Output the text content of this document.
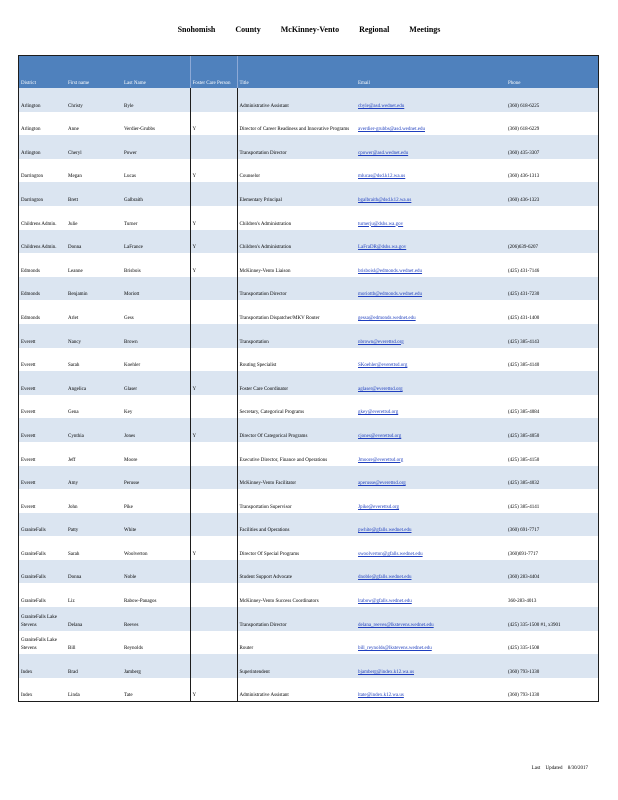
Snohomish County McKinney-Vento Regional Meetings
District	First name	Last Name	Foster Care Person	Title	Email	Phone
Arlington	Christy	Byle		Administrative Assistant	cbyle@asd.wednet.edu	(360) 618-6225
Arlington	Anne	Verdier-Grubbs	Y	Director of Career Readiness and Innovative Programs	averdier-grubbs@asd.wednet.edu	(360) 618-6229
Arlington	Cheryl	Power		Transportation Director	cpower@asd.wednet.edu	(360) 435-3307
Darrington	Megan	Lucas	Y	Counselor	mlucas@dsd.k12.wa.us	(360) 436-1313
Darrington	Brett	Galbraith		Elementary Principal	bgalbraith@dsd.k12.wa.us	(360) 436-1323
Childrens Admin.	Julie	Turner	Y	Children's Administration	turnerju@dshs.wa.gov	
Childrens Admin.	Donna	LaFrance	Y	Children's Administration	LaFraDR@dshs.wa.gov	(206)639-6207
Edmonds	Leanne	Brisbois	Y	McKinney-Vento Liaison	brisboisl@edmonds.wednet.edu	(425) 431-7146
Edmonds	Benjamin	Moriott		Transportation Director	moriottb@edmonds.wednet.edu	(425) 431-7230
Edmonds	Arlet	Gess		Transportation Dispatcher/MKV Router	gessa@edmonds.wednet.edu	(425) 431-1400
Everett	Nancy	Brown		Transportation	nbrown@everettsd.org	(425) 385-4143
Everett	Sarah	Koehler		Routing Specialist	SKoehler@everettsd.org	(425) 385-4140
Everett	Angelica	Glaser	Y	Foster Care Coordinator	aglaser@everettsd.org	
Everett	Gena	Key		Secretary, Categorical Programs	gkey@everettsd.org	(425) 385-4084
Everett	Cynthia	Jones	Y	Director Of Categorical Programs	cjones@everettsd.org	(425) 385-4050
Everett	Jeff	Moore		Executive Director, Finance and Operations	Jmoore@everettsd.org	(425) 385-4150
Everett	Amy	Perusse		McKinney-Vento Facilitator	aperusse@everettsd.org	(425) 385-4032
Everett	John	Pike		Transportation Supervisor	Jpike@everettsd.org	(425) 385-4141
GraniteFalls	Patty	White		Facilities and Operations	pwhite@gfalls.wednet.edu	(360) 691-7717
GraniteFalls	Sarah	Woolverton	Y	Director Of Special Programs	swoolverton@gfalls.wednet.edu	(360)691-7717
GraniteFalls	Donna	Noble		Student Support Advocate	dnoble@gfalls.wednet.edu	(360) 283-4404
GraniteFalls	Liz	Rabow-Panagos		McKinney-Vento Success Coordinators	lrabow@gfalls.wednet.edu	360-283-4013
GraniteFalls Lake Stevens	Delana	Reeves		Transportation Director	delana_reeves@lkstevens.wednet.edu	(425) 335-1500 #1, x3901
GraniteFalls Lake Stevens	Bill	Reynolds		Router	bill_reynolds@lkstevens.wednet.edu	(425) 335-1508
Index	Brad	Jamberg		Superintendent	bjamberg@index.k12.wa.us	(360) 793-1330
Index	Linda	Tate	Y	Administrative Assistant	ltate@index.k12.wa.us	(360) 793-1330
Last Updated 8/30/2017
